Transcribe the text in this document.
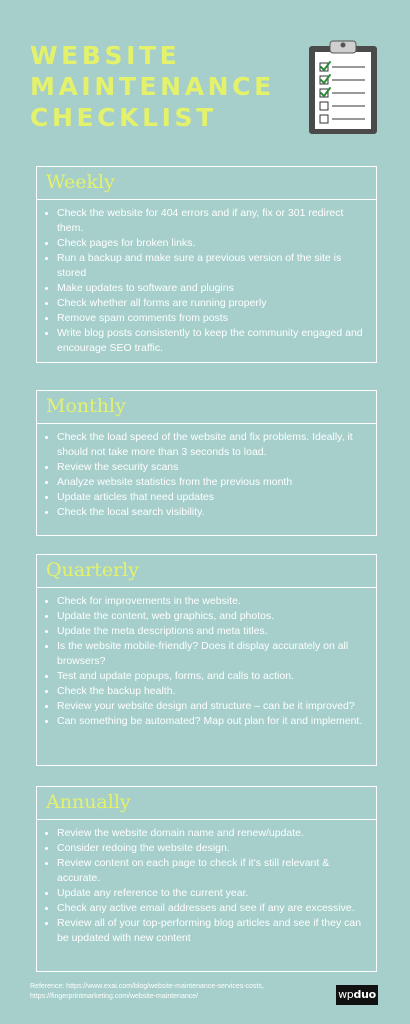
WEBSITE
MAINTENANCE
CHECKLIST
Weekly
• Check the website for 404 errors and if any, fix or 301 redirect them.
• Check pages for broken links.
• Run a backup and make sure a previous version of the site is stored
• Make updates to software and plugins
• Check whether all forms are running properly
• Remove spam comments from posts
• Write blog posts consistently to keep the community engaged and encourage SEO traffic.
Monthly
• Check the load speed of the website and fix problems. Ideally, it should not take more than 3 seconds to load.
• Review the security scans
• Analyze website statistics from the previous month
• Update articles that need updates
• Check the local search visibility.
Quarterly
• Check for improvements in the website.
• Update the content, web graphics, and photos.
• Update the meta descriptions and meta titles.
• Is the website mobile-friendly? Does it display accurately on all browsers?
• Test and update popups, forms, and calls to action.
• Check the backup health.
• Review your website design and structure – can be it improved?
• Can something be automated? Map out plan for it and implement.
Annually
• Review the website domain name and renew/update.
• Consider redoing the website design.
• Review content on each page to check if it's still relevant & accurate.
• Update any reference to the current year.
• Check any active email addresses and see if any are excessive.
• Review all of your top-performing blog articles and see if they can be updated with new content
Reference: https://www.exai.com/blog/website-maintenance-services-costs,
https://fingerprintmarketing.com/website-maintenance/	wpduo
